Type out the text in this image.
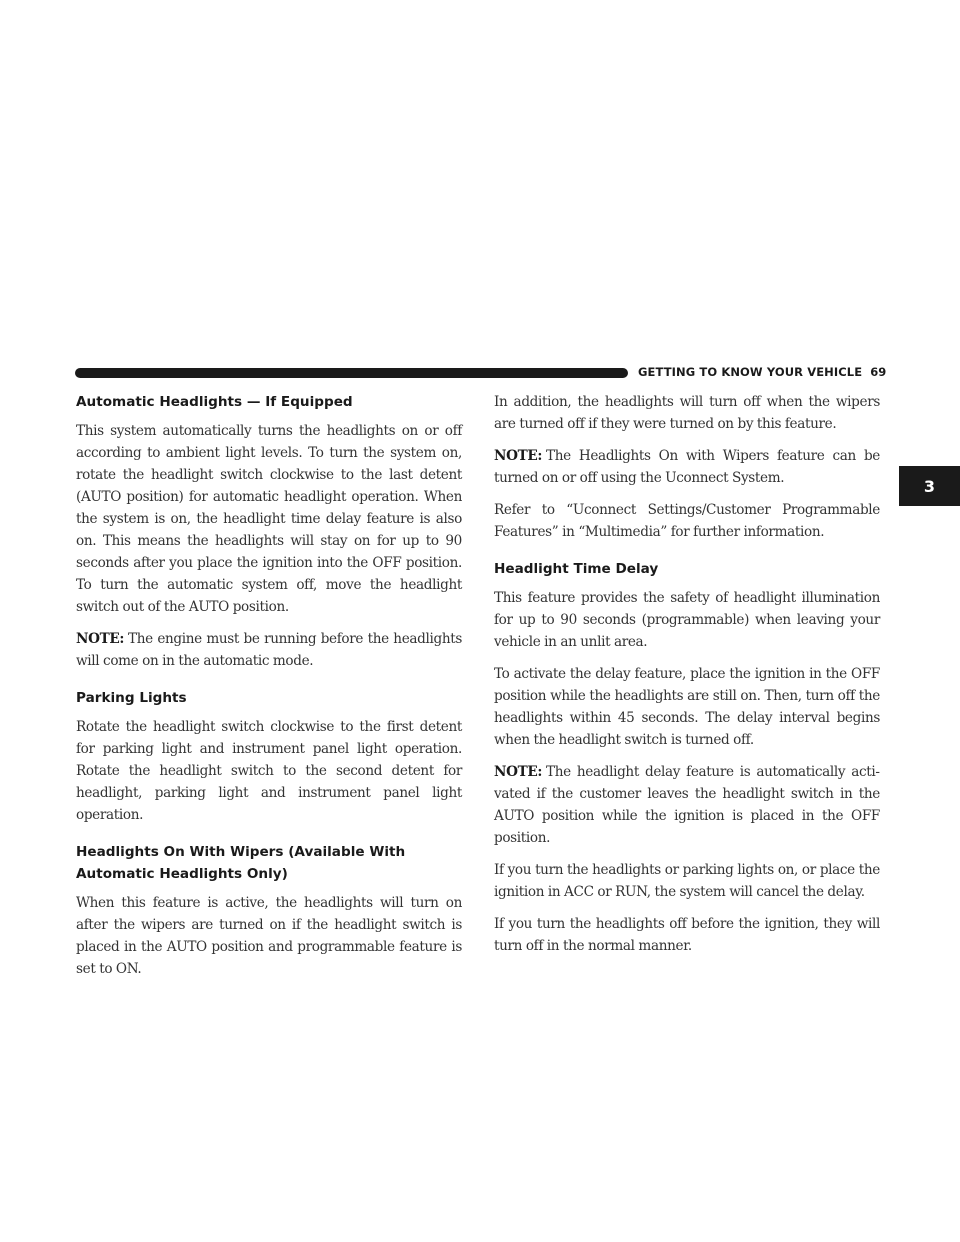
GETTING TO KNOW YOUR VEHICLE 69
3
Automatic Headlights — If Equipped

This system automatically turns the headlights on or off according to ambient light levels. To turn the system on, rotate the headlight switch clockwise to the last detent (AUTO position) for automatic headlight operation. When the system is on, the headlight time delay feature is also on. This means the headlights will stay on for up to 90 seconds after you place the ignition into the OFF position. To turn the automatic system off, move the headlight switch out of the AUTO position.

NOTE: The engine must be running before the headlights will come on in the automatic mode.

Parking Lights

Rotate the headlight switch clockwise to the first detent for parking light and instrument panel light operation. Rotate the headlight switch to the second detent for headlight, parking light and instrument panel light operation.

Headlights On With Wipers (Available With Automatic Headlights Only)

When this feature is active, the headlights will turn on after the wipers are turned on if the headlight switch is placed in the AUTO position and programmable feature is set to ON.

In addition, the headlights will turn off when the wipers are turned off if they were turned on by this feature.

NOTE: The Headlights On with Wipers feature can be turned on or off using the Uconnect System.

Refer to “Uconnect Settings/Customer Programmable Features” in “Multimedia” for further information.

Headlight Time Delay

This feature provides the safety of headlight illumination for up to 90 seconds (programmable) when leaving your vehicle in an unlit area.

To activate the delay feature, place the ignition in the OFF position while the headlights are still on. Then, turn off the headlights within 45 seconds. The delay interval begins when the headlight switch is turned off.

NOTE: The headlight delay feature is automatically activated if the customer leaves the headlight switch in the AUTO position while the ignition is placed in the OFF position.

If you turn the headlights or parking lights on, or place the ignition in ACC or RUN, the system will cancel the delay.

If you turn the headlights off before the ignition, they will turn off in the normal manner.
